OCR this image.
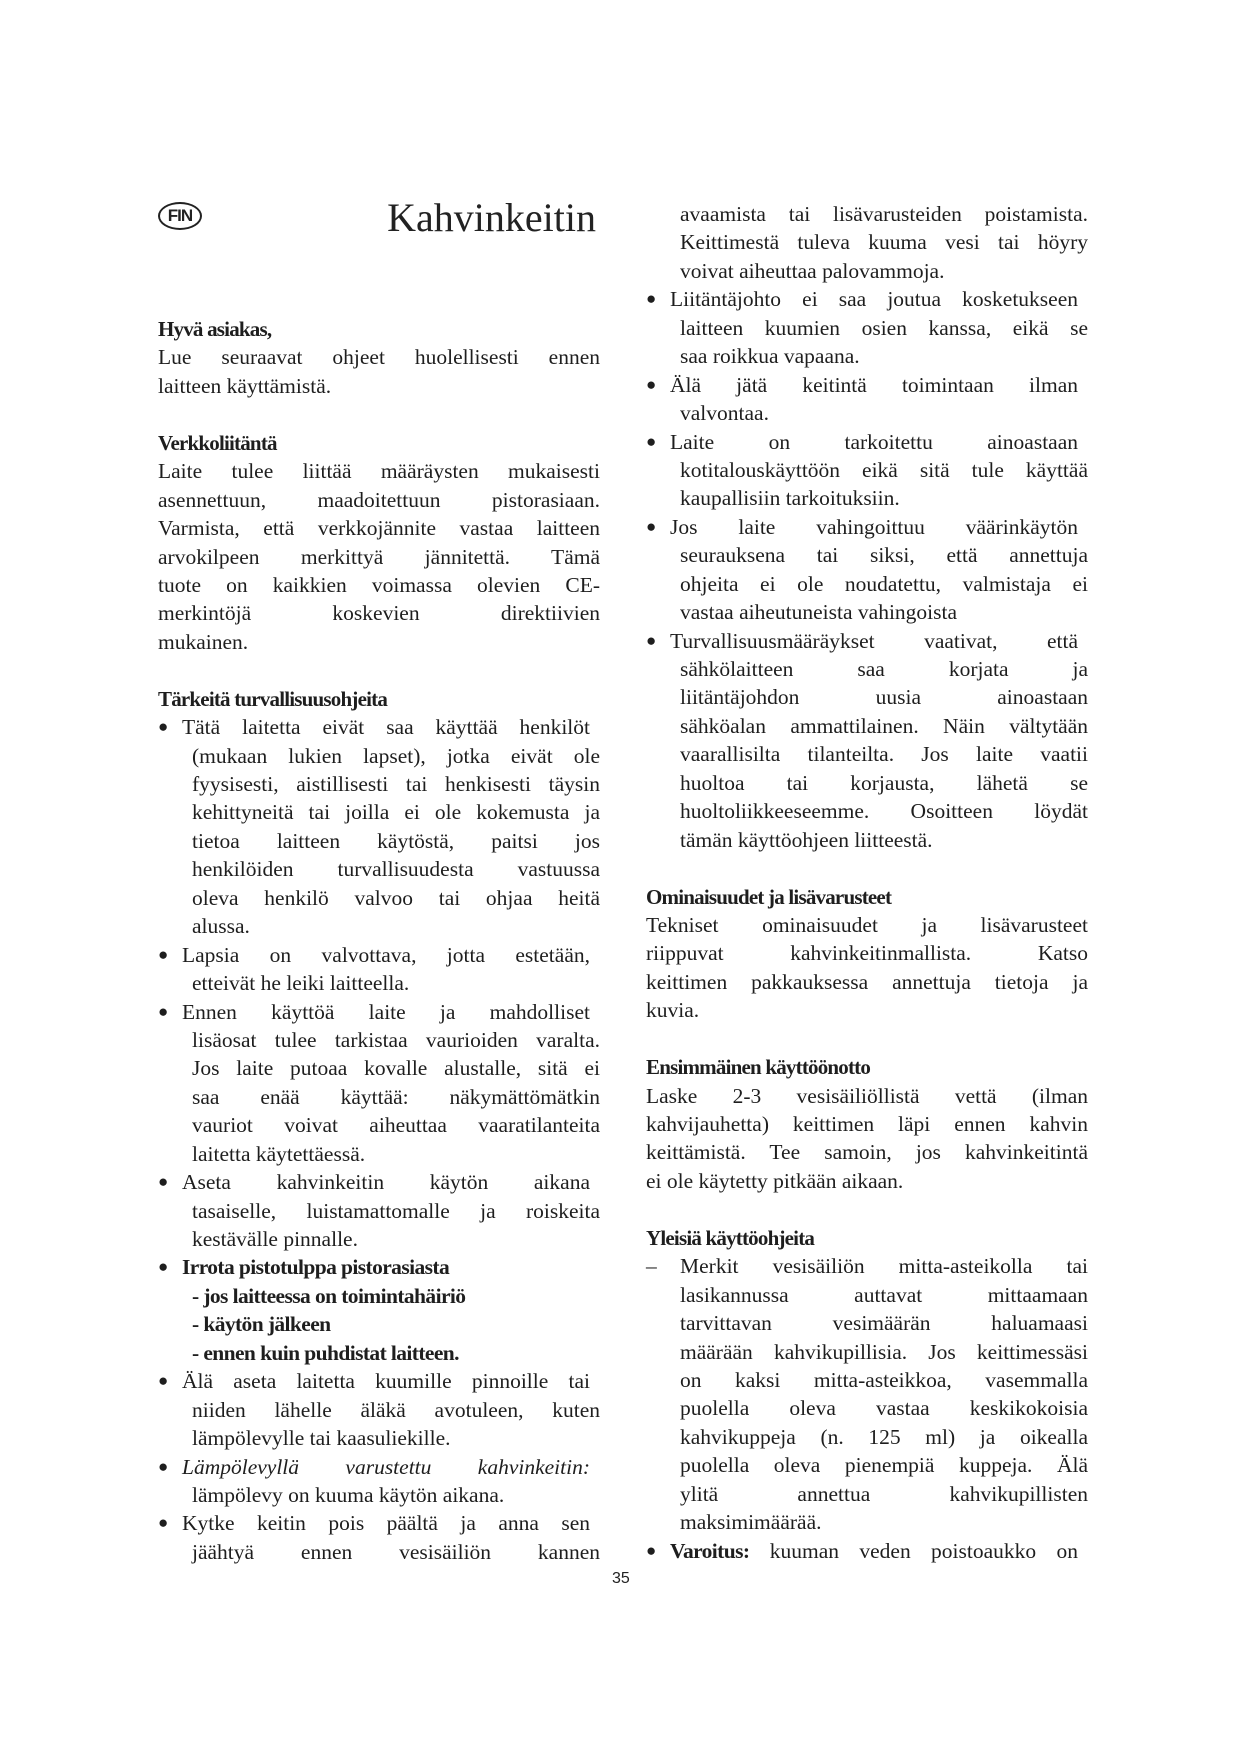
FIN	Kahvinkeitin
Hyvä asiakas,
Lue seuraavat ohjeet huolellisesti ennen
laitteen käyttämistä.
Verkkoliitäntä
Laite tulee liittää määräysten mukaisesti
asennettuun, maadoitettuun pistorasiaan.
Varmista, että verkkojännite vastaa laitteen
arvokilpeen merkittyä jännitettä. Tämä
tuote on kaikkien voimassa olevien CE-
merkintöjä koskevien direktiivien
mukainen.
Tärkeitä turvallisuusohjeita
● Tätä laitetta eivät saa käyttää henkilöt
(mukaan lukien lapset), jotka eivät ole
fyysisesti, aistillisesti tai henkisesti täysin
kehittyneitä tai joilla ei ole kokemusta ja
tietoa laitteen käytöstä, paitsi jos
henkilöiden turvallisuudesta vastuussa
oleva henkilö valvoo tai ohjaa heitä
alussa.
● Lapsia on valvottava, jotta estetään,
etteivät he leiki laitteella.
● Ennen käyttöä laite ja mahdolliset
lisäosat tulee tarkistaa vaurioiden varalta.
Jos laite putoaa kovalle alustalle, sitä ei
saa enää käyttää: näkymättömätkin
vauriot voivat aiheuttaa vaaratilanteita
laitetta käytettäessä.
● Aseta kahvinkeitin käytön aikana
tasaiselle, luistamattomalle ja roiskeita
kestävälle pinnalle.
● Irrota pistotulppa pistorasiasta
- jos laitteessa on toimintahäiriö
- käytön jälkeen
- ennen kuin puhdistat laitteen.
● Älä aseta laitetta kuumille pinnoille tai
niiden lähelle äläkä avotuleen, kuten
lämpölevylle tai kaasuliekille.
● Lämpölevyllä varustettu kahvinkeitin:
lämpölevy on kuuma käytön aikana.
● Kytke keitin pois päältä ja anna sen
jäähtyä ennen vesisäiliön kannen
avaamista tai lisävarusteiden poistamista.
Keittimestä tuleva kuuma vesi tai höyry
voivat aiheuttaa palovammoja.
● Liitäntäjohto ei saa joutua kosketukseen
laitteen kuumien osien kanssa, eikä se
saa roikkua vapaana.
● Älä jätä keitintä toimintaan ilman
valvontaa.
● Laite on tarkoitettu ainoastaan
kotitalouskäyttöön eikä sitä tule käyttää
kaupallisiin tarkoituksiin.
● Jos laite vahingoittuu väärinkäytön
seurauksena tai siksi, että annettuja
ohjeita ei ole noudatettu, valmistaja ei
vastaa aiheutuneista vahingoista
● Turvallisuusmääräykset vaativat, että
sähkölaitteen saa korjata ja
liitäntäjohdon uusia ainoastaan
sähköalan ammattilainen. Näin vältytään
vaarallisilta tilanteilta. Jos laite vaatii
huoltoa tai korjausta, lähetä se
huoltoliikkeeseemme. Osoitteen löydät
tämän käyttöohjeen liitteestä.
Ominaisuudet ja lisävarusteet
Tekniset ominaisuudet ja lisävarusteet
riippuvat kahvinkeitinmallista. Katso
keittimen pakkauksessa annettuja tietoja ja
kuvia.
Ensimmäinen käyttöönotto
Laske 2-3 vesisäiliöllistä vettä (ilman
kahvijauhetta) keittimen läpi ennen kahvin
keittämistä. Tee samoin, jos kahvinkeitintä
ei ole käytetty pitkään aikaan.
Yleisiä käyttöohjeita
– Merkit vesisäiliön mitta-asteikolla tai
lasikannussa auttavat mittaamaan
tarvittavan vesimäärän haluamaasi
määrään kahvikupillisia. Jos keittimessäsi
on kaksi mitta-asteikkoa, vasemmalla
puolella oleva vastaa keskikokoisia
kahvikuppeja (n. 125 ml) ja oikealla
puolella oleva pienempiä kuppeja. Älä
ylitä annettua kahvikupillisten
maksimimäärää.
● Varoitus: kuuman veden poistoaukko on
35
